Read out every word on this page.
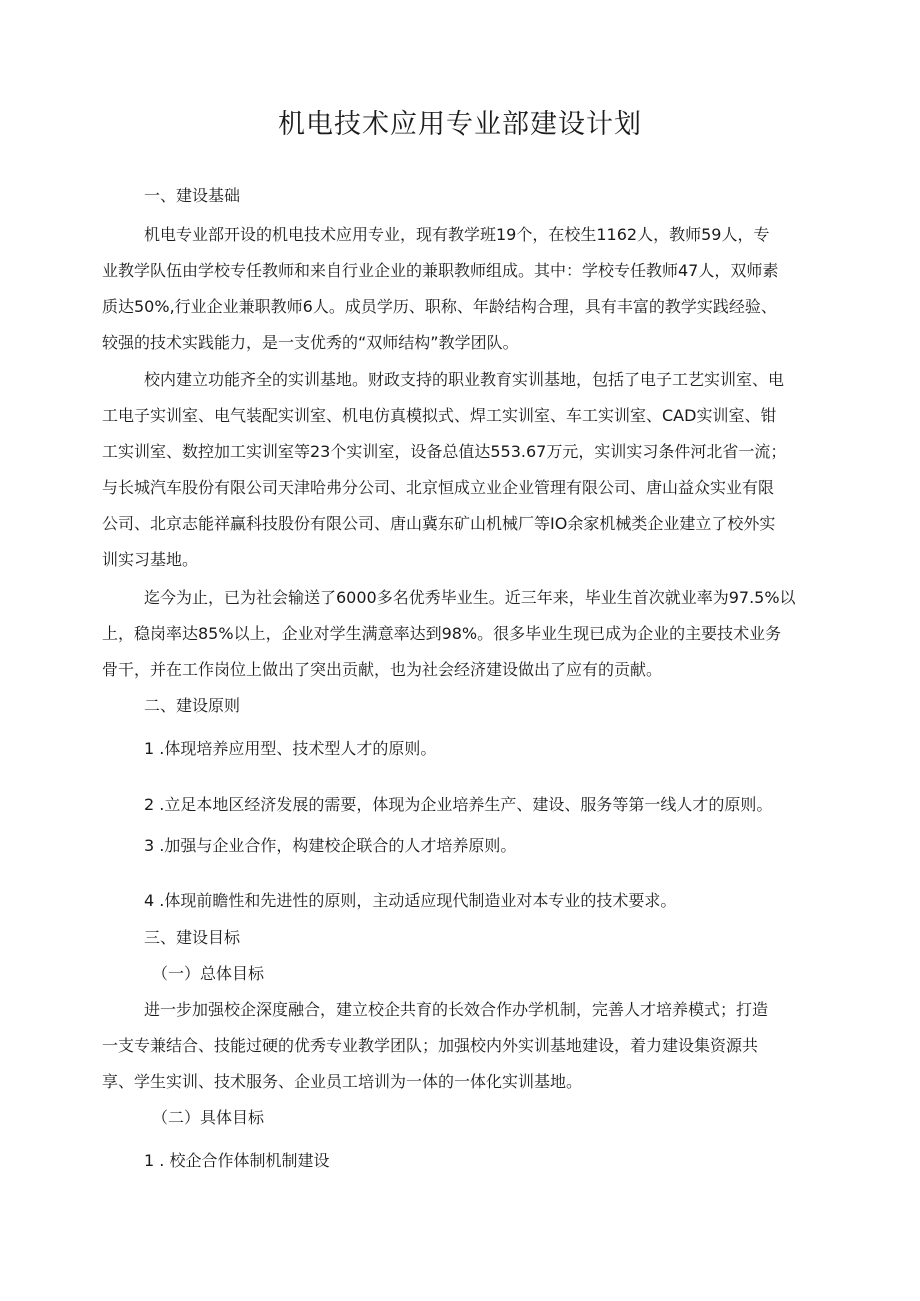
机电技术应用专业部建设计划

一、建设基础

机电专业部开设的机电技术应用专业，现有教学班19个，在校生1162人，教师59人，专

业教学队伍由学校专任教师和来自行业企业的兼职教师组成。其中：学校专任教师47人，双师素

质达50%,行业企业兼职教师6人。成员学历、职称、年龄结构合理，具有丰富的教学实践经验、

较强的技术实践能力，是一支优秀的“双师结构”教学团队。

校内建立功能齐全的实训基地。财政支持的职业教育实训基地，包括了电子工艺实训室、电

工电子实训室、电气装配实训室、机电仿真模拟式、焊工实训室、车工实训室、CAD实训室、钳

工实训室、数控加工实训室等23个实训室，设备总值达553.67万元，实训实习条件河北省一流；

与长城汽车股份有限公司天津哈弗分公司、北京恒成立业企业管理有限公司、唐山益众实业有限

公司、北京志能祥赢科技股份有限公司、唐山冀东矿山机械厂等IO余家机械类企业建立了校外实

训实习基地。

迄今为止，已为社会输送了6000多名优秀毕业生。近三年来，毕业生首次就业率为97.5%以

上，稳岗率达85%以上，企业对学生满意率达到98%。很多毕业生现已成为企业的主要技术业务

骨干，并在工作岗位上做出了突出贡献，也为社会经济建设做出了应有的贡献。

二、建设原则

1 .体现培养应用型、技术型人才的原则。

2 .立足本地区经济发展的需要，体现为企业培养生产、建设、服务等第一线人才的原则。

3 .加强与企业合作，构建校企联合的人才培养原则。

4 .体现前瞻性和先进性的原则，主动适应现代制造业对本专业的技术要求。

三、建设目标

（一）总体目标

进一步加强校企深度融合，建立校企共育的长效合作办学机制，完善人才培养模式；打造

一支专兼结合、技能过硬的优秀专业教学团队；加强校内外实训基地建设，着力建设集资源共

享、学生实训、技术服务、企业员工培训为一体的一体化实训基地。

（二）具体目标

1 . 校企合作体制机制建设
